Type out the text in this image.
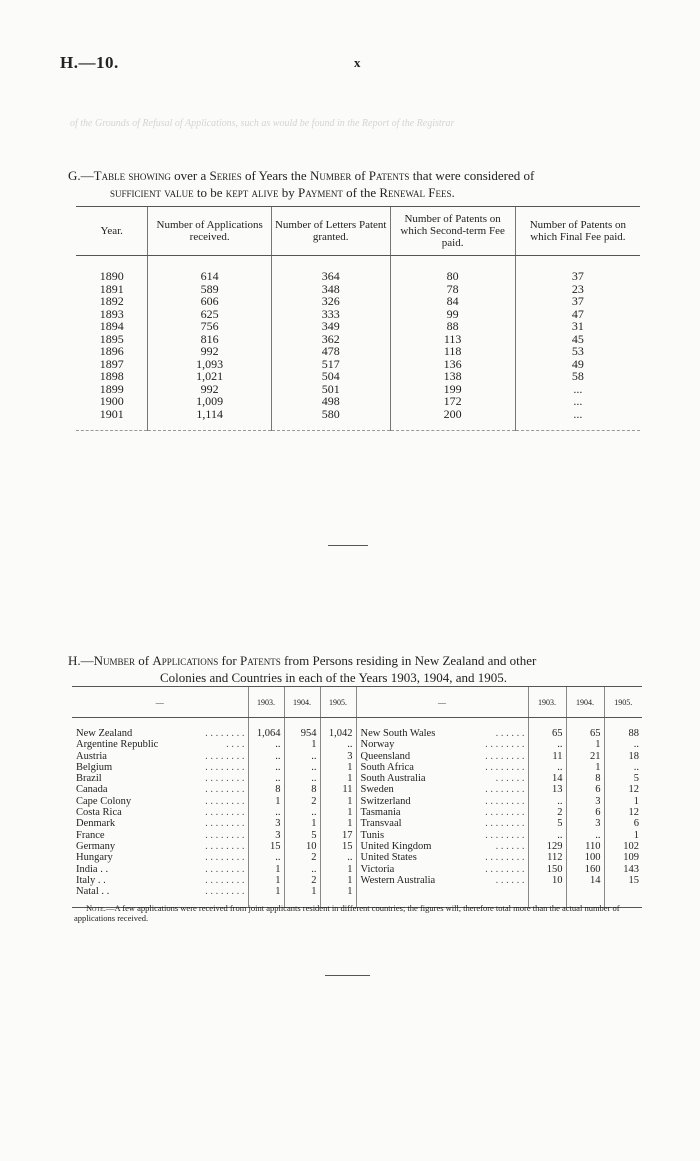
H.—10.	x
of the Grounds of Refusal of Applications, such as would be found in the Report of the Registrar
G.—Table showing over a Series of Years the Number of Patents that were considered of
sufficient value to be kept alive by Payment of the Renewal Fees.
Year.	Number of Applications received.	Number of Letters Patent granted.	Number of Patents on which Second-term Fee paid.	Number of Patents on which Final Fee paid.

1890	614	364	80	37
1891	589	348	78	23
1892	606	326	84	37
1893	625	333	99	47
1894	756	349	88	31
1895	816	362	113	45
1896	992	478	118	53
1897	1,093	517	136	49
1898	1,021	504	138	58
1899	992	501	199	...
1900	1,009	498	172	...
1901	1,114	580	200	...

H.—Number of Applications for Patents from Persons residing in New Zealand and other
Colonies and Countries in each of the Years 1903, 1904, and 1905.
—		1903.	1904.	1905.	—		1903.	1904.	1905.

New Zealand	. . . . . . . .	1,064	954	1,042	New South Wales	. . . . . .	65	65	88
Argentine Republic	. . . .	..	1	..	Norway	. . . . . . . .	..	1	..
Austria	. . . . . . . .	..	..	3	Queensland	. . . . . . . .	11	21	18
Belgium	. . . . . . . .	..	..	1	South Africa	. . . . . . . .	..	1	..
Brazil	. . . . . . . .	..	..	1	South Australia	. . . . . .	14	8	5
Canada	. . . . . . . .	8	8	11	Sweden	. . . . . . . .	13	6	12
Cape Colony	. . . . . . . .	1	2	1	Switzerland	. . . . . . . .	..	3	1
Costa Rica	. . . . . . . .	..	..	1	Tasmania	. . . . . . . .	2	6	12
Denmark	. . . . . . . .	3	1	1	Transvaal	. . . . . . . .	5	3	6
France	. . . . . . . .	3	5	17	Tunis	. . . . . . . .	..	..	1
Germany	. . . . . . . .	15	10	15	United Kingdom	. . . . . .	129	110	102
Hungary	. . . . . . . .	..	2	..	United States	. . . . . . . .	112	100	109
India . .	. . . . . . . .	1	..	1	Victoria	. . . . . . . .	150	160	143
Italy . .	. . . . . . . .	1	2	1	Western Australia	. . . . . .	10	14	15
Natal . .	. . . . . . . .	1	1	1					

Note.—A few applications were received from joint applicants resident in different countries; the figures will, therefore total more than the actual number of applications received.
